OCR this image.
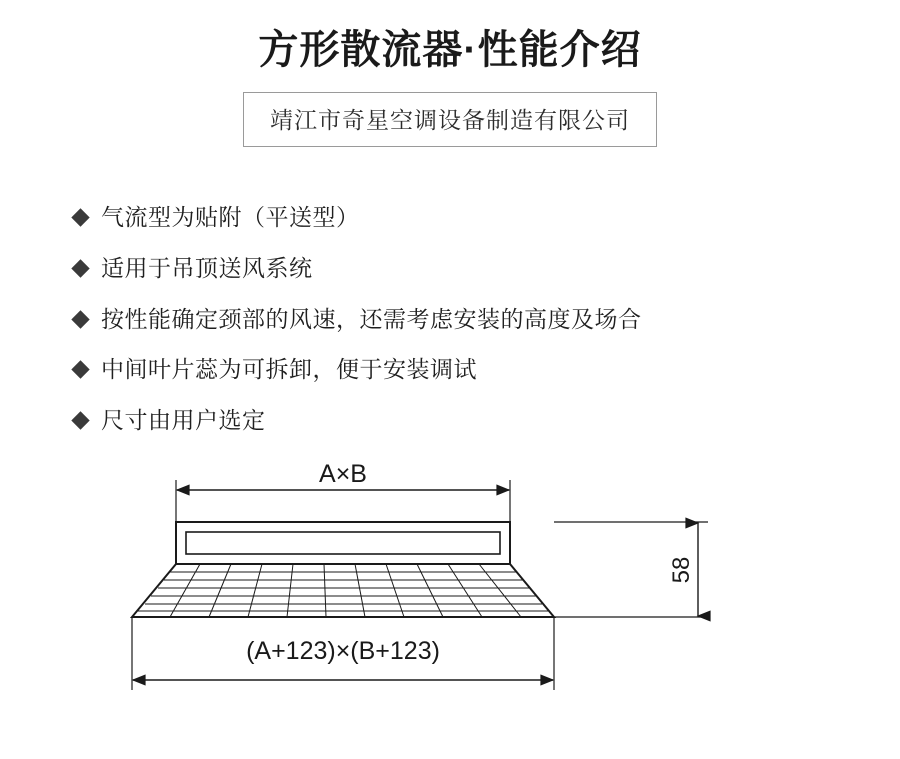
方形散流器·性能介绍
靖江市奇星空调设备制造有限公司
气流型为贴附（平送型）
适用于吊顶送风系统
按性能确定颈部的风速，还需考虑安装的高度及场合
中间叶片蕊为可拆卸，便于安装调试
尺寸由用户选定
A×B
58
(A+123)×(B+123)
